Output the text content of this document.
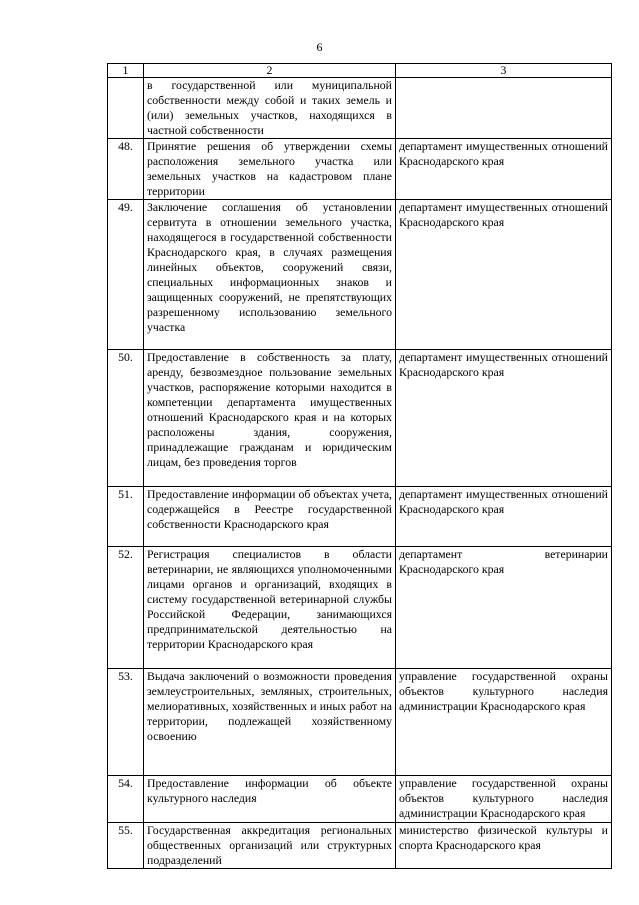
6
1	2	3
	в государственной или муниципальной собственности между собой и таких земель и (или) земельных участков, находящихся в частной собственности	
48.	Принятие решения об утверждении схемы расположения земельного участка или земельных участков на кадастровом плане территории	департамент имущественных отношений Краснодарского края
49.	Заключение соглашения об установлении сервитута в отношении земельного участка, находящегося в государственной собственности Краснодарского края, в случаях размещения линейных объектов, сооружений связи, специальных информационных знаков и защищенных сооружений, не препятствующих разрешенному использованию земельного участка	департамент имущественных отношений Краснодарского края
50.	Предоставление в собственность за плату, аренду, безвозмездное пользование земельных участков, распоряжение которыми находится в компетенции департамента имущественных отношений Краснодарского края и на которых расположены здания, сооружения, принадлежащие гражданам и юридическим лицам, без проведения торгов	департамент имущественных отношений Краснодарского края
51.	Предоставление информации об объектах учета, содержащейся в Реестре государственной собственности Краснодарского края	департамент имущественных отношений Краснодарского края
52.	Регистрация специалистов в области ветеринарии, не являющихся уполномоченными лицами органов и организаций, входящих в систему государственной ветеринарной службы Российской Федерации, занимающихся предпринимательской деятельностью на территории Краснодарского края	департамент ветеринарии Краснодарского края
53.	Выдача заключений о возможности проведения землеустроительных, земляных, строительных, мелиоративных, хозяйственных и иных работ на территории, подлежащей хозяйственному освоению	управление государственной охраны объектов культурного наследия администрации Краснодарского края
54.	Предоставление информации об объекте культурного наследия	управление государственной охраны объектов культурного наследия администрации Краснодарского края
55.	Государственная аккредитация региональных общественных организаций или структурных подразделений	министерство физической культуры и спорта Краснодарского края
